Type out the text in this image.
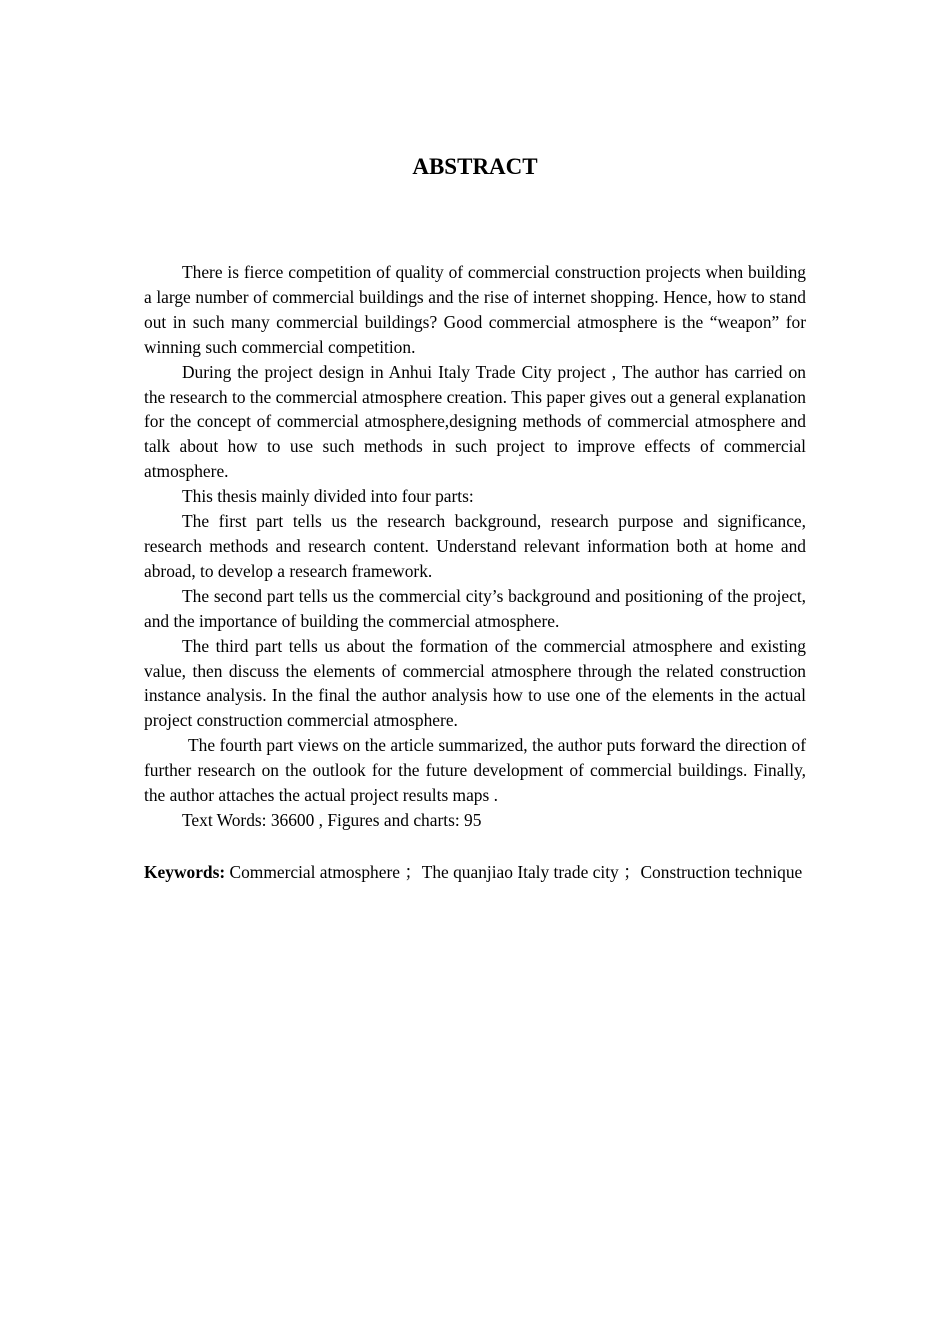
ABSTRACT

There is fierce competition of quality of commercial construction projects when building a large number of commercial buildings and the rise of internet shopping. Hence, how to stand out in such many commercial buildings? Good commercial atmosphere is the “weapon” for winning such commercial competition.

During the project design in Anhui Italy Trade City project , The author has carried on the research to the commercial atmosphere creation. This paper gives out a general explanation for the concept of commercial atmosphere,designing methods of commercial atmosphere and talk about how to use such methods in such project to improve effects of commercial atmosphere.

This thesis mainly divided into four parts:

The first part tells us the research background, research purpose and significance, research methods and research content. Understand relevant information both at home and abroad, to develop a research framework.

The second part tells us the commercial city’s background and positioning of the project, and the importance of building the commercial atmosphere.

The third part tells us about the formation of the commercial atmosphere and existing value, then discuss the elements of commercial atmosphere through the related construction instance analysis. In the final the author analysis how to use one of the elements in the actual project construction commercial atmosphere.

The fourth part views on the article summarized, the author puts forward the direction of further research on the outlook for the future development of commercial buildings. Finally, the author attaches the actual project results maps .

Text Words: 36600 , Figures and charts: 95

Keywords: Commercial atmosphere ；The quanjiao Italy trade city ；Construction technique
